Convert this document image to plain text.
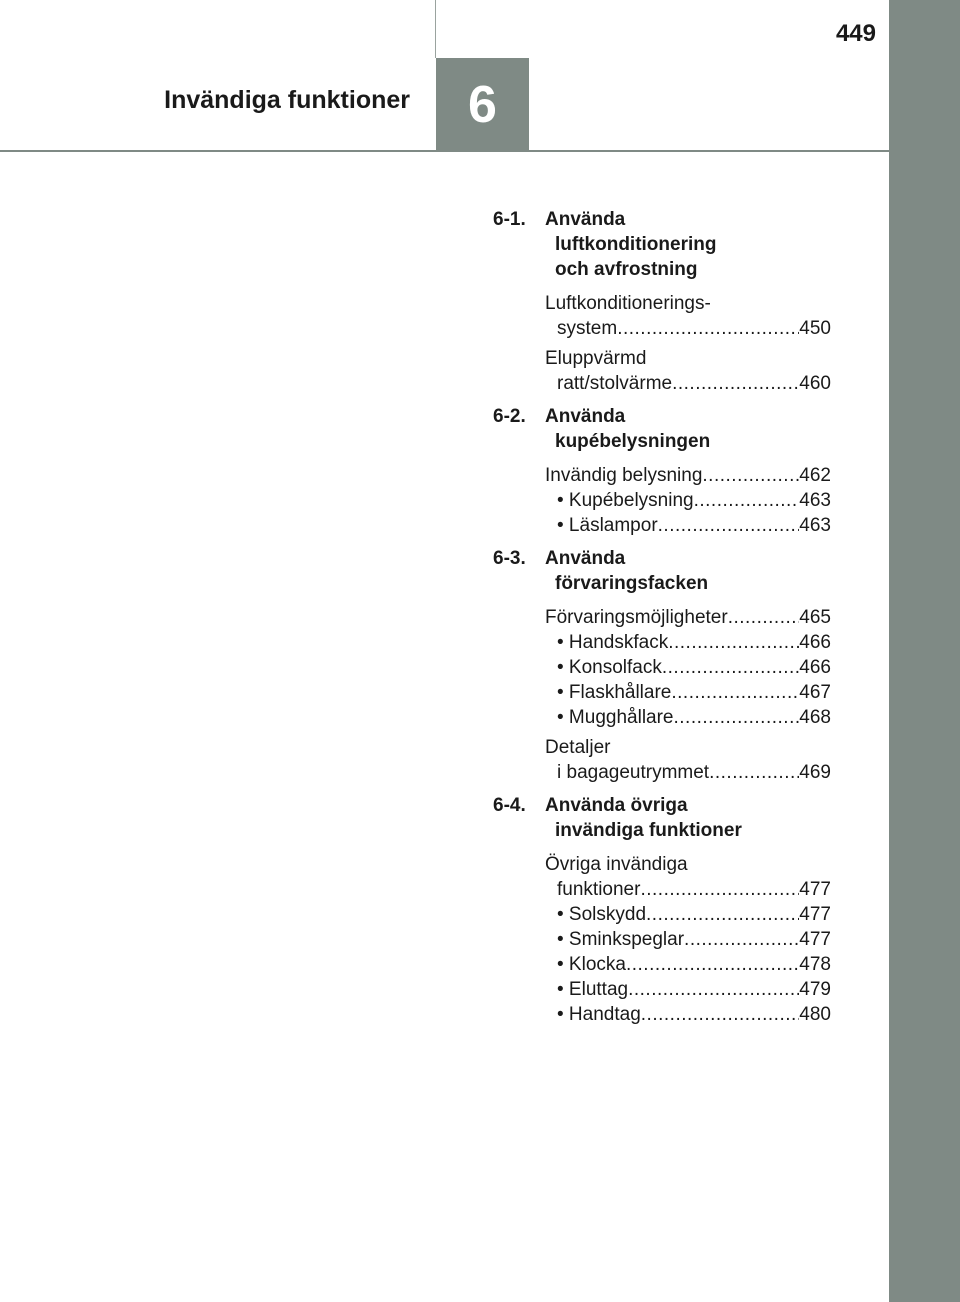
449
Invändiga funktioner 6
6-1.	Använda
luftkonditionering
och avfrostning
Luftkonditionerings-
system .....	450
Eluppvärmd
ratt/stolvärme .....	460
6-2.	Använda
kupébelysningen
Invändig belysning .....	462
• Kupébelysning .....	463
• Läslampor .....	463
6-3.	Använda
förvaringsfacken
Förvaringsmöjligheter .....	465
• Handskfack .....	466
• Konsolfack .....	466
• Flaskhållare .....	467
• Mugghållare .....	468
Detaljer
i bagageutrymmet .....	469
6-4.	Använda övriga
invändiga funktioner
Övriga invändiga
funktioner .....	477
• Solskydd .....	477
• Sminkspeglar .....	477
• Klocka .....	478
• Eluttag .....	479
• Handtag .....	480
